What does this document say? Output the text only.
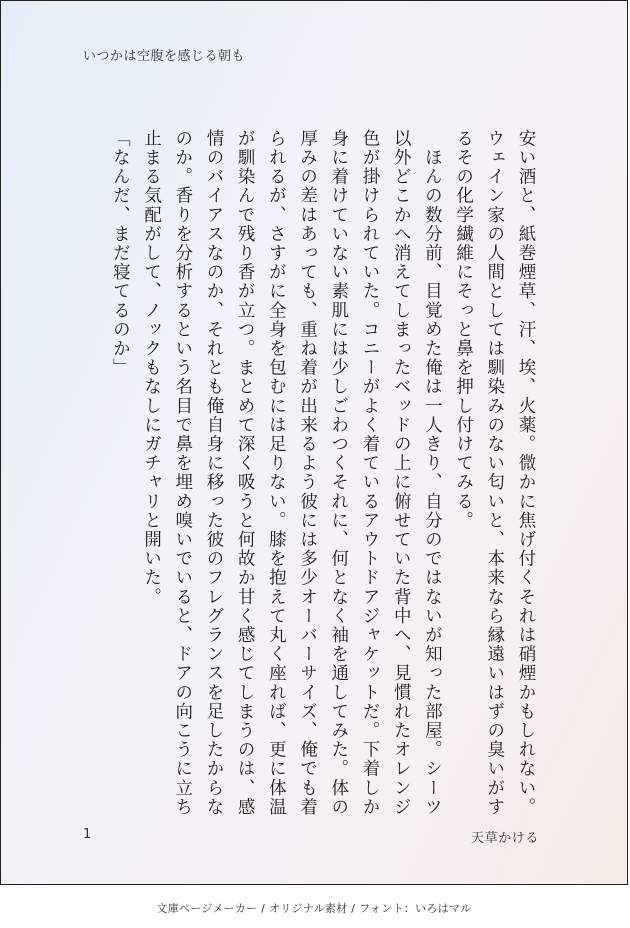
いつかは空腹を感じる朝も

安い酒と、紙巻煙草、汗、埃、火薬。微かに焦げ付くそれは硝煙かもしれない。ウェイン家の人間としては馴染みのない匂いと、本来なら縁遠いはずの臭いがするその化学繊維にそっと鼻を押し付けてみる。

　ほんの数分前、目覚めた俺は一人きり、自分のではないが知った部屋。シーツ以外どこかへ消えてしまったベッドの上に俯せていた背中へ、見慣れたオレンジ色が掛けられていた。コニーがよく着ているアウトドアジャケットだ。下着しか身に着けていない素肌には少しごわつくそれに、何となく袖を通してみた。体の厚みの差はあっても、重ね着が出来るよう彼には多少オーバーサイズ、俺でも着られるが、さすがに全身を包むには足りない。膝を抱えて丸く座れば、更に体温が馴染んで残り香が立つ。まとめて深く吸うと何故か甘く感じてしまうのは、感情のバイアスなのか、それとも俺自身に移った彼のフレグランスを足したからなのか。香りを分析するという名目で鼻を埋め嗅いでいると、ドアの向こうに立ち止まる気配がして、ノックもなしにガチャリと開いた。

「なんだ、まだ寝てるのか」

1	天草かける
文庫ページメーカー / オリジナル素材 / フォント：いろはマル
